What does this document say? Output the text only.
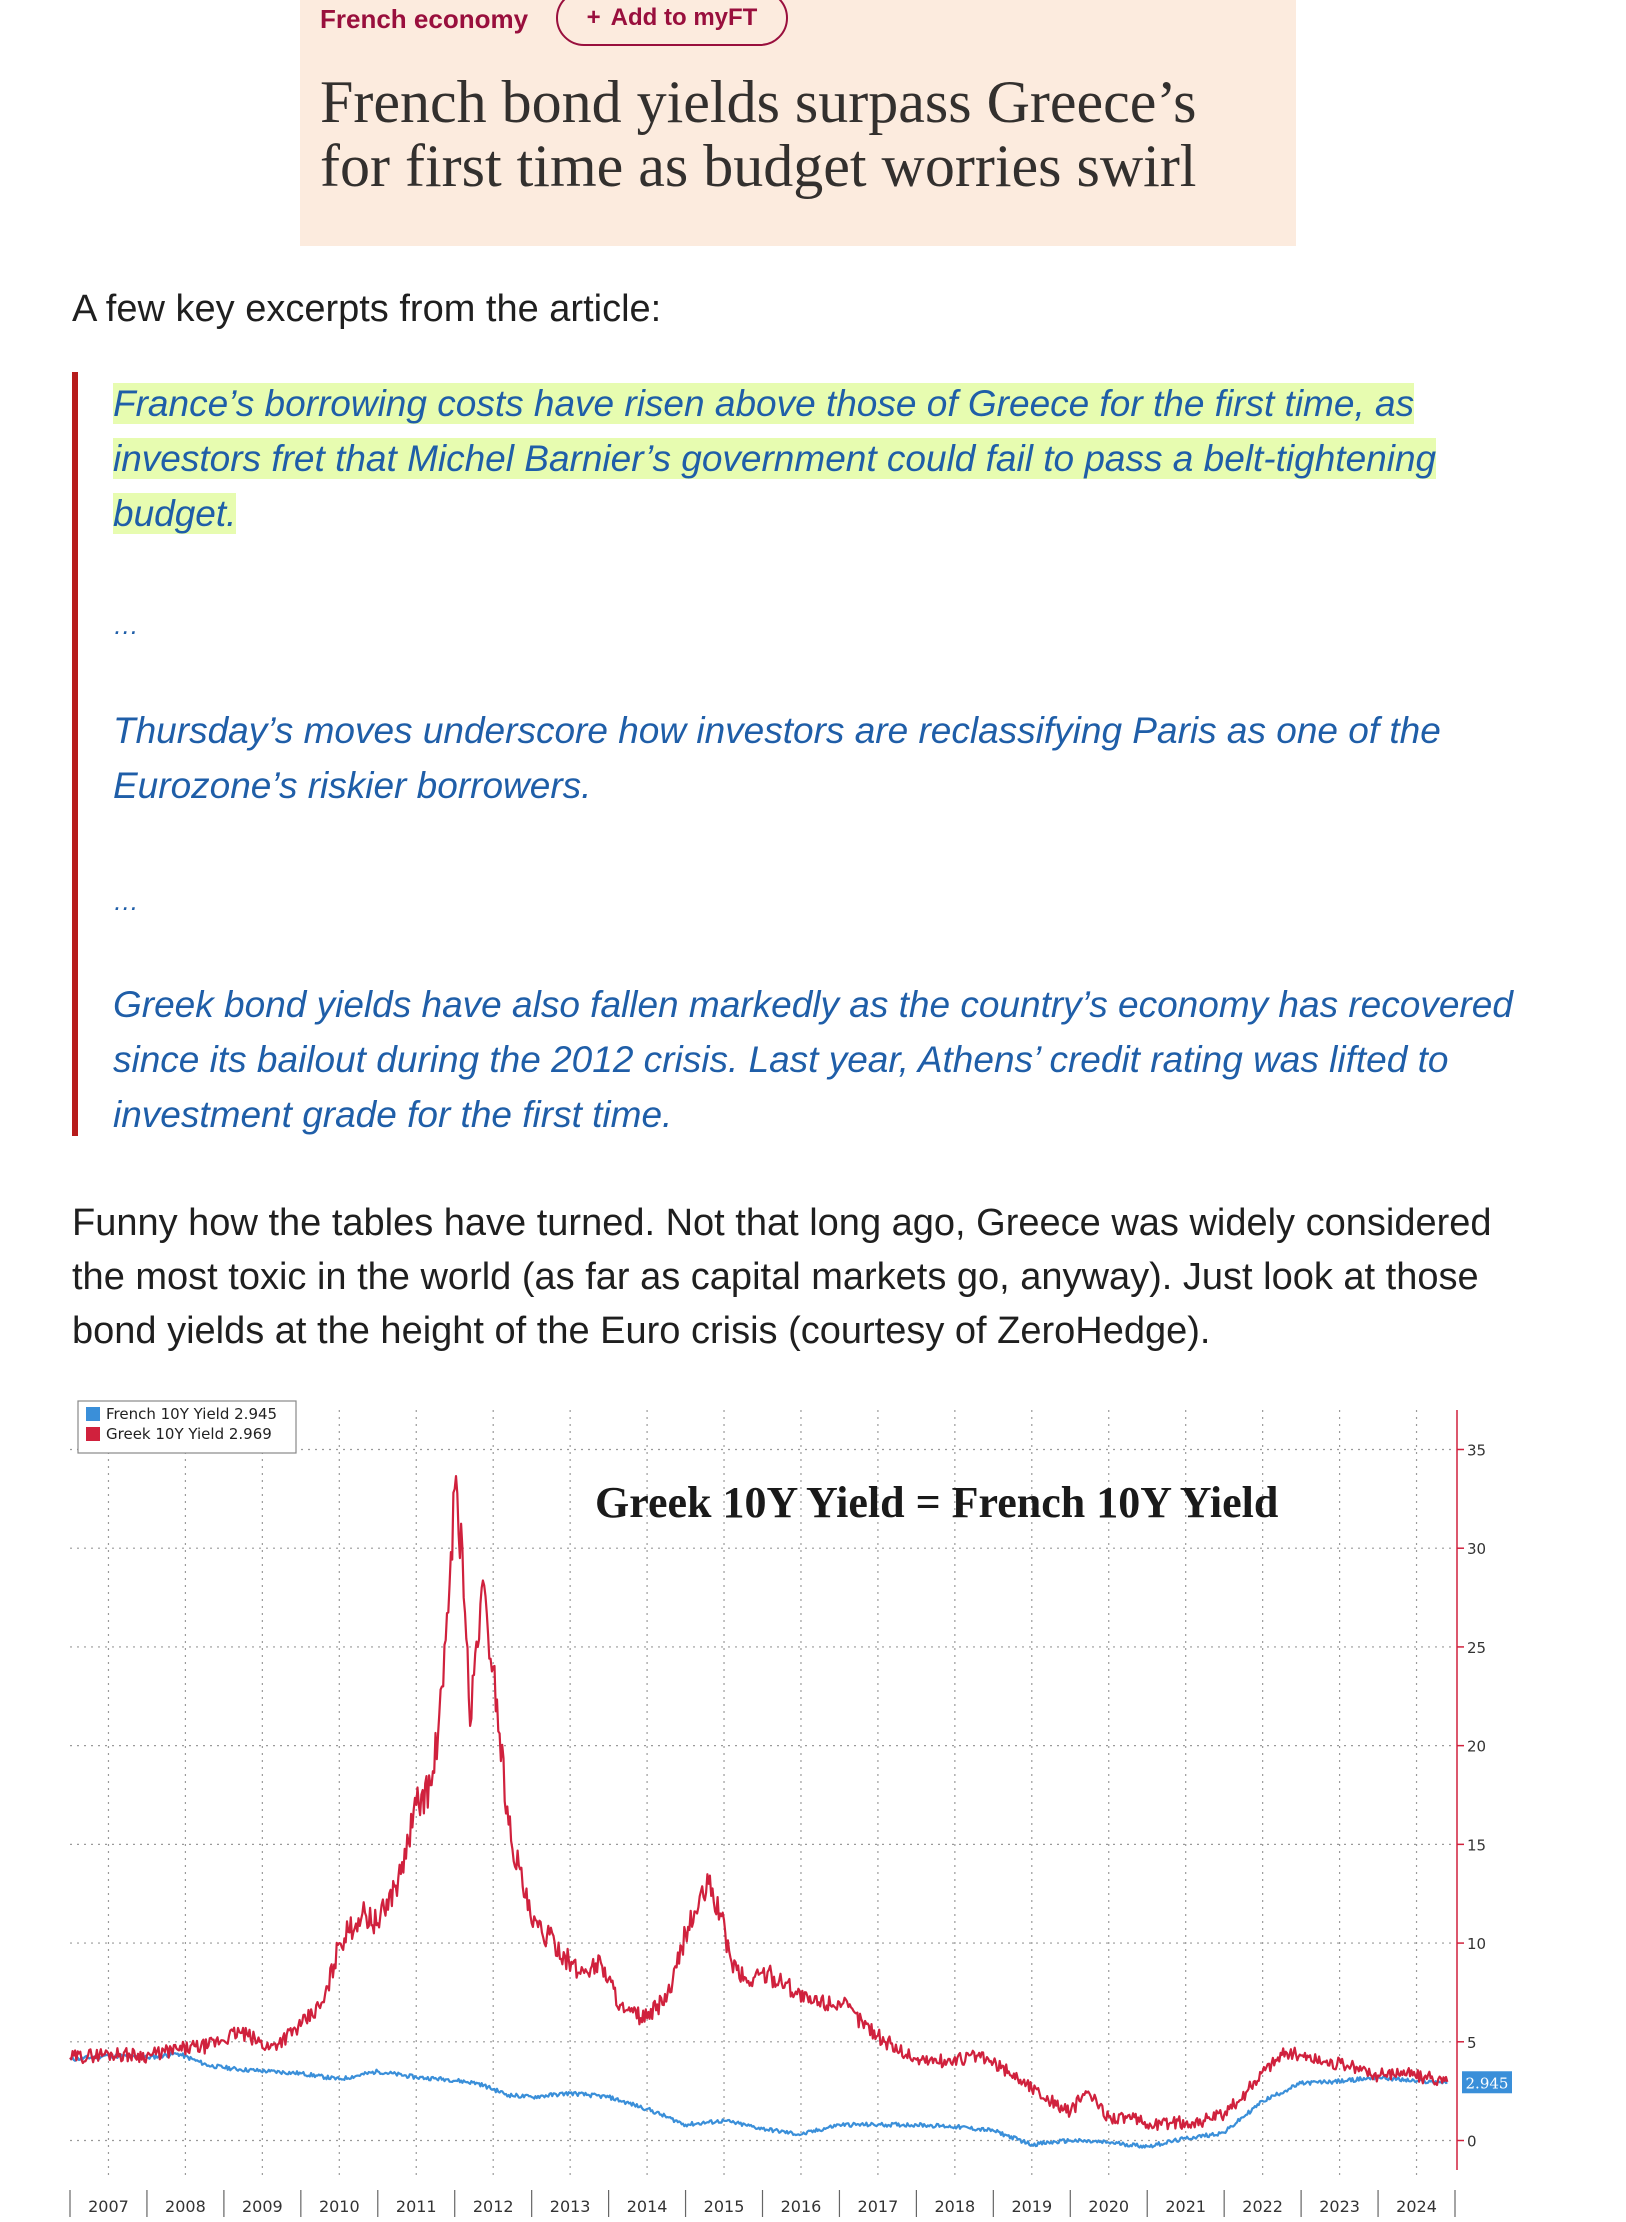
French economy + Add to myFT
French bond yields surpass Greece’s for first time as budget worries swirl

A few key excerpts from the article:

France’s borrowing costs have risen above those of Greece for the first time, as investors fret that Michel Barnier’s government could fail to pass a belt-tightening budget.

…

Thursday’s moves underscore how investors are reclassifying Paris as one of the Eurozone’s riskier borrowers.

…

Greek bond yields have also fallen markedly as the country’s economy has recovered since its bailout during the 2012 crisis. Last year, Athens’ credit rating was lifted to investment grade for the first time.

Funny how the tables have turned. Not that long ago, Greece was widely considered the most toxic in the world (as far as capital markets go, anyway). Just look at those bond yields at the height of the Euro crisis (courtesy of ZeroHedge).

0
5
10
15
20
25
30
35
2007 2008 2009 2010 2011 2012 2013 2014 2015 2016 2017 2018 2019 2020 2021 2022 2023 2024
2.945
French 10Y Yield 2.945
Greek 10Y Yield 2.969
Greek 10Y Yield = French 10Y Yield
